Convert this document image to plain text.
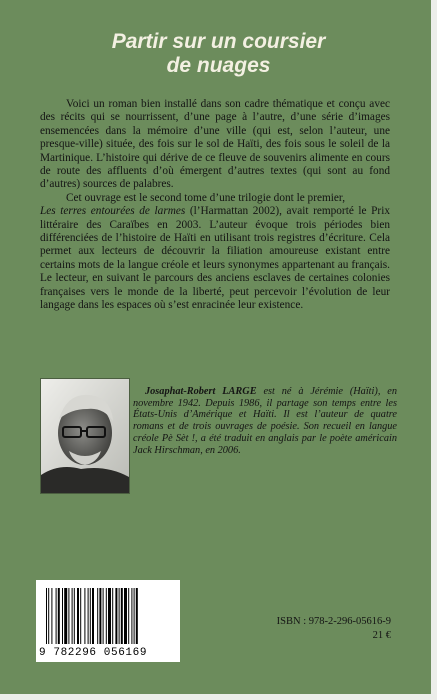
Partir sur un coursier
de nuages

Voici un roman bien installé dans son cadre thématique et conçu avec des récits qui se nourrissent, d’une page à l’autre, d’une série d’images ensemencées dans la mémoire d’une ville (qui est, selon l’auteur, une presque-ville) située, des fois sur le sol de Haïti, des fois sous le soleil de la Martinique. L’histoire qui dérive de ce fleuve de souvenirs alimente en cours de route des affluents d’où émergent d’autres textes (qui sont au fond d’autres) sources de palabres.

Cet ouvrage est le second tome d’une trilogie dont le premier,
Les terres entourées de larmes (l’Harmattan 2002), avait remporté le Prix littéraire des Caraïbes en 2003. L’auteur évoque trois périodes bien différenciées de l’histoire de Haïti en utilisant trois registres d’écriture. Cela permet aux lecteurs de découvrir la filiation amoureuse existant entre certains mots de la langue créole et leurs synonymes appartenant au français. Le lecteur, en suivant le parcours des anciens esclaves de certaines colonies françaises vers le monde de la liberté, peut percevoir l’évolution de leur langage dans les espaces où s’est enracinée leur existence.

Josaphat-Robert LARGE est né à Jérémie (Haïti), en novembre 1942. Depuis 1986, il partage son temps entre les États-Unis d’Amérique et Haïti. Il est l’auteur de quatre romans et de trois ouvrages de poésie. Son recueil en langue créole Pè Sèt !, a été traduit en anglais par le poète américain Jack Hirschman, en 2006.

9 782296 056169
ISBN : 978-2-296-05616-9
21 €
